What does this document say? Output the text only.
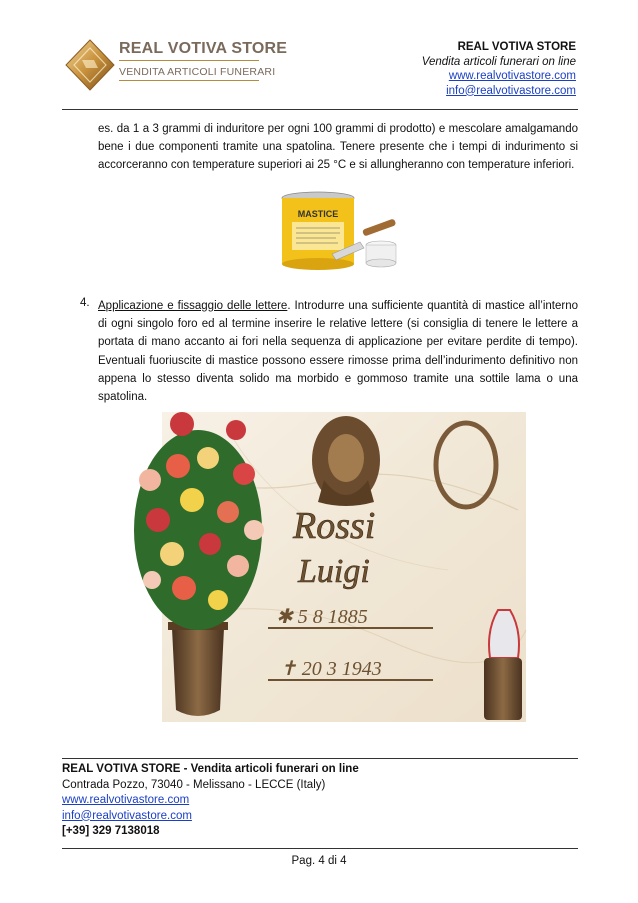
REAL VOTIVA STORE
VENDITA ARTICOLI FUNERARI
REAL VOTIVA STORE
Vendita articoli funerari on line
www.realvotivastore.com
info@realvotivastore.com
es. da 1 a 3 grammi di induritore per ogni 100 grammi di prodotto) e mescolare amalgamando bene i due componenti tramite una spatolina. Tenere presente che i tempi di indurimento si accorceranno con temperature superiori ai 25 °C e si allungheranno con temperature inferiori.
MASTICE
4. Applicazione e fissaggio delle lettere. Introdurre una sufficiente quantità di mastice all’interno di ogni singolo foro ed al termine inserire le relative lettere (si consiglia di tenere le lettere a portata di mano accanto ai fori nella sequenza di applicazione per evitare perdite di tempo). Eventuali fuoriuscite di mastice possono essere rimosse prima dell’indurimento definitivo non appena lo stesso diventa solido ma morbido e gommoso tramite una sottile lama o una spatolina.
Rossi
Luigi
✱ 5 8 1885
✝ 20 3 1943
REAL VOTIVA STORE - Vendita articoli funerari on line
Contrada Pozzo, 73040 - Melissano - LECCE (Italy)
www.realvotivastore.com
info@realvotivastore.com
[+39] 329 7138018
Pag. 4 di 4
